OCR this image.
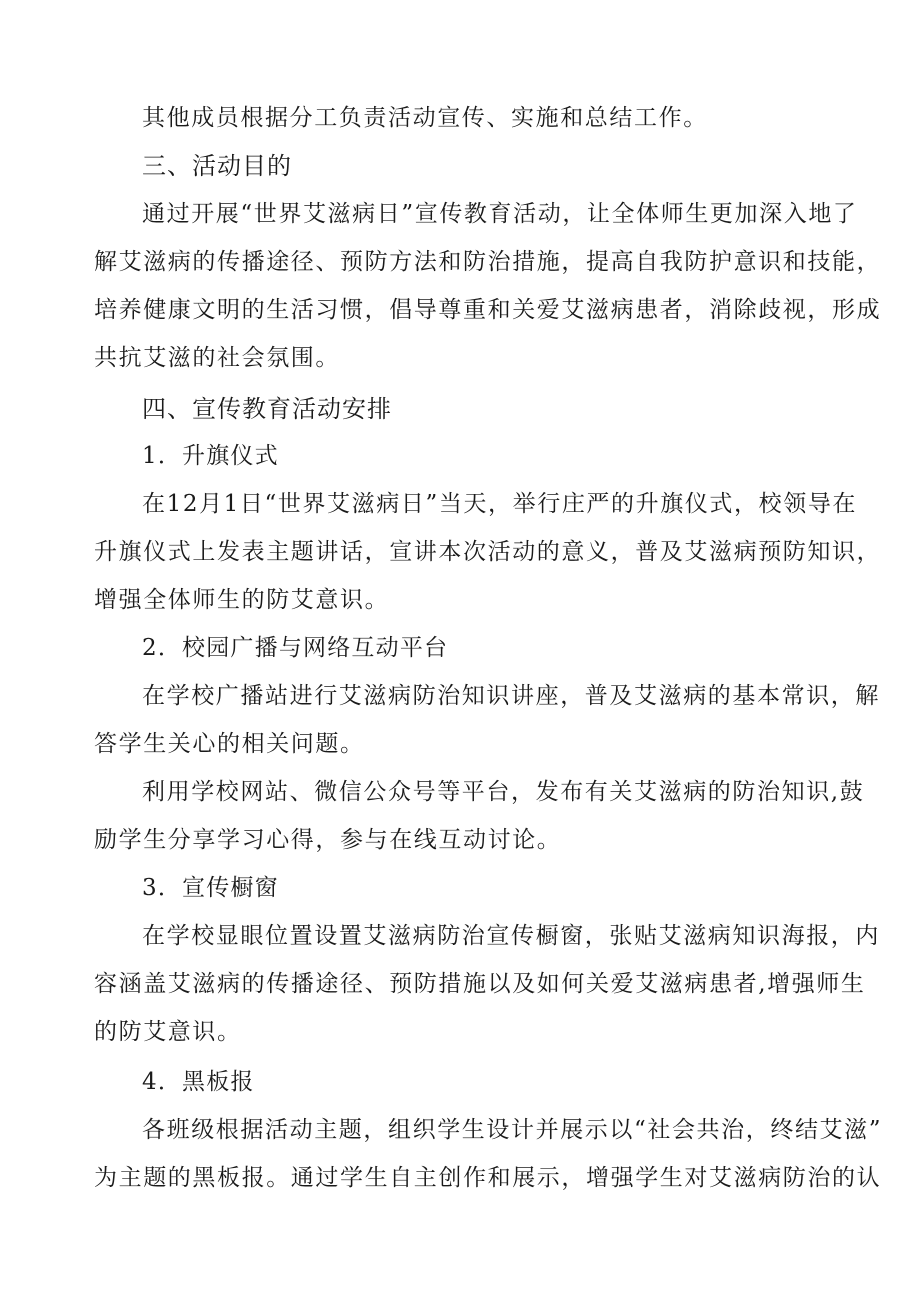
其他成员根据分工负责活动宣传、实施和总结工作。
三、活动目的
通过开展“世界艾滋病日”宣传教育活动，让全体师生更加深入地了
解艾滋病的传播途径、预防方法和防治措施，提高自我防护意识和技能，
培养健康文明的生活习惯，倡导尊重和关爱艾滋病患者，消除歧视，形成
共抗艾滋的社会氛围。
四、宣传教育活动安排
1．升旗仪式
在12月1日“世界艾滋病日”当天，举行庄严的升旗仪式，校领导在
升旗仪式上发表主题讲话，宣讲本次活动的意义，普及艾滋病预防知识，
增强全体师生的防艾意识。
2．校园广播与网络互动平台
在学校广播站进行艾滋病防治知识讲座，普及艾滋病的基本常识，解
答学生关心的相关问题。
利用学校网站、微信公众号等平台，发布有关艾滋病的防治知识,鼓
励学生分享学习心得，参与在线互动讨论。
3．宣传橱窗
在学校显眼位置设置艾滋病防治宣传橱窗，张贴艾滋病知识海报，内
容涵盖艾滋病的传播途径、预防措施以及如何关爱艾滋病患者,增强师生
的防艾意识。
4．黑板报
各班级根据活动主题，组织学生设计并展示以“社会共治，终结艾滋”
为主题的黑板报。通过学生自主创作和展示，增强学生对艾滋病防治的认
